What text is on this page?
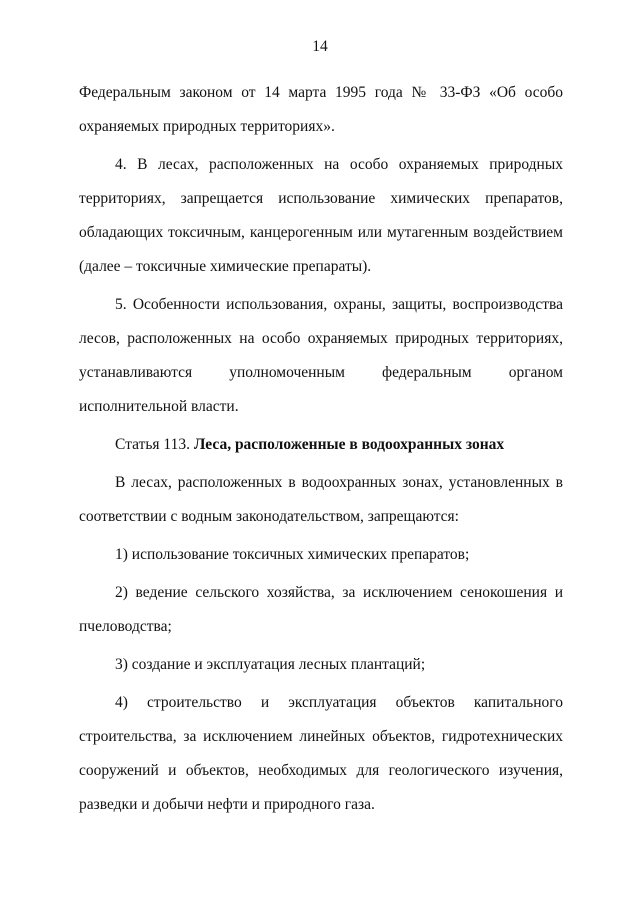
14

Федеральным законом от 14 марта 1995 года № 33-ФЗ «Об особо охраняемых природных территориях».

4. В лесах, расположенных на особо охраняемых природных территориях, запрещается использование химических препаратов, обладающих токсичным, канцерогенным или мутагенным воздействием (далее – токсичные химические препараты).

5. Особенности использования, охраны, защиты, воспроизводства лесов, расположенных на особо охраняемых природных территориях, устанавливаются уполномоченным федеральным органом исполнительной власти.

Статья 113. Леса, расположенные в водоохранных зонах

В лесах, расположенных в водоохранных зонах, установленных в соответствии с водным законодательством, запрещаются:

1) использование токсичных химических препаратов;

2) ведение сельского хозяйства, за исключением сенокошения и пчеловодства;

3) создание и эксплуатация лесных плантаций;

4) строительство и эксплуатация объектов капитального строительства, за исключением линейных объектов, гидротехнических сооружений и объектов, необходимых для геологического изучения, разведки и добычи нефти и природного газа.
